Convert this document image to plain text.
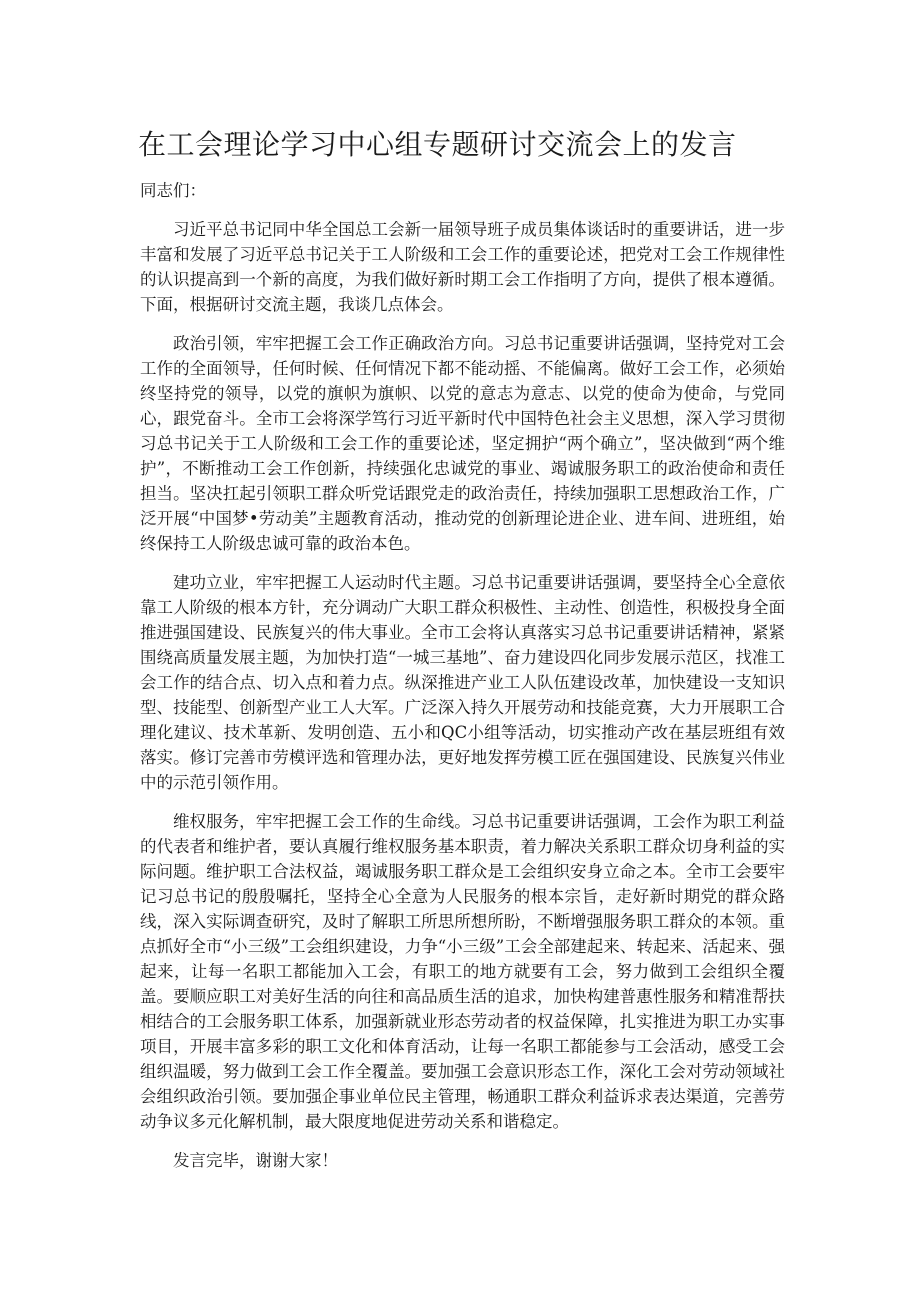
在工会理论学习中心组专题研讨交流会上的发言

同志们：

习近平总书记同中华全国总工会新一届领导班子成员集体谈话时的重要讲话，进一步丰富和发展了习近平总书记关于工人阶级和工会工作的重要论述，把党对工会工作规律性的认识提高到一个新的高度，为我们做好新时期工会工作指明了方向，提供了根本遵循。下面，根据研讨交流主题，我谈几点体会。

政治引领，牢牢把握工会工作正确政治方向。习总书记重要讲话强调，坚持党对工会工作的全面领导，任何时候、任何情况下都不能动摇、不能偏离。做好工会工作，必须始终坚持党的领导，以党的旗帜为旗帜、以党的意志为意志、以党的使命为使命，与党同心，跟党奋斗。全市工会将深学笃行习近平新时代中国特色社会主义思想，深入学习贯彻习总书记关于工人阶级和工会工作的重要论述，坚定拥护“两个确立”，坚决做到“两个维护”，不断推动工会工作创新，持续强化忠诚党的事业、竭诚服务职工的政治使命和责任担当。坚决扛起引领职工群众听党话跟党走的政治责任，持续加强职工思想政治工作，广泛开展“中国梦•劳动美”主题教育活动，推动党的创新理论进企业、进车间、进班组，始终保持工人阶级忠诚可靠的政治本色。

建功立业，牢牢把握工人运动时代主题。习总书记重要讲话强调，要坚持全心全意依靠工人阶级的根本方针，充分调动广大职工群众积极性、主动性、创造性，积极投身全面推进强国建设、民族复兴的伟大事业。全市工会将认真落实习总书记重要讲话精神，紧紧围绕高质量发展主题，为加快打造“一城三基地”、奋力建设四化同步发展示范区，找准工会工作的结合点、切入点和着力点。纵深推进产业工人队伍建设改革，加快建设一支知识型、技能型、创新型产业工人大军。广泛深入持久开展劳动和技能竞赛，大力开展职工合理化建议、技术革新、发明创造、五小和QC小组等活动，切实推动产改在基层班组有效落实。修订完善市劳模评选和管理办法，更好地发挥劳模工匠在强国建设、民族复兴伟业中的示范引领作用。

维权服务，牢牢把握工会工作的生命线。习总书记重要讲话强调，工会作为职工利益的代表者和维护者，要认真履行维权服务基本职责，着力解决关系职工群众切身利益的实际问题。维护职工合法权益，竭诚服务职工群众是工会组织安身立命之本。全市工会要牢记习总书记的殷殷嘱托，坚持全心全意为人民服务的根本宗旨，走好新时期党的群众路线，深入实际调查研究，及时了解职工所思所想所盼，不断增强服务职工群众的本领。重点抓好全市“小三级”工会组织建设，力争“小三级”工会全部建起来、转起来、活起来、强起来，让每一名职工都能加入工会，有职工的地方就要有工会，努力做到工会组织全覆盖。要顺应职工对美好生活的向往和高品质生活的追求，加快构建普惠性服务和精准帮扶相结合的工会服务职工体系，加强新就业形态劳动者的权益保障，扎实推进为职工办实事项目，开展丰富多彩的职工文化和体育活动，让每一名职工都能参与工会活动，感受工会组织温暖，努力做到工会工作全覆盖。要加强工会意识形态工作，深化工会对劳动领域社会组织政治引领。要加强企事业单位民主管理，畅通职工群众利益诉求表达渠道，完善劳动争议多元化解机制，最大限度地促进劳动关系和谐稳定。

发言完毕，谢谢大家！
